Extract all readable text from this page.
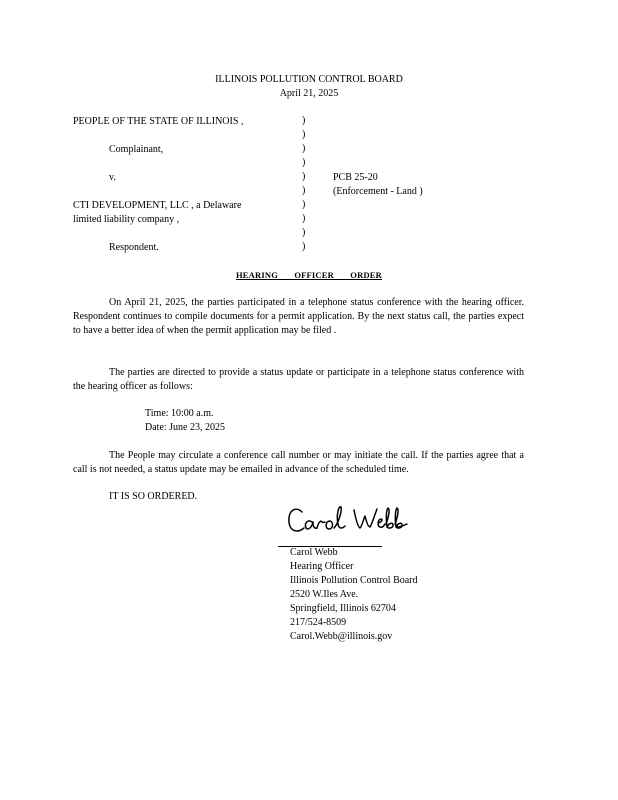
ILLINOIS POLLUTION CONTROL BOARD
April 21, 2025
PEOPLE OF THE STATE OF ILLINOIS ,
Complainant,
v.
CTI DEVELOPMENT, LLC , a Delaware
limited liability company ,
Respondent.
)
)
)
)
)
)
)
)
)
)
PCB 25-20
(Enforcement - Land )
HEARING OFFICER ORDER
On April 21, 2025, the parties participated in a telephone status conference with the hearing officer. Respondent continues to compile documents for a permit application. By the next status call, the parties expect to have a better idea of when the permit application may be filed .
The parties are directed to provide a status update or participate in a telephone status conference with the hearing officer as follows:
Time: 10:00 a.m.
Date: June 23, 2025
The People may circulate a conference call number or may initiate the call. If the parties agree that a call is not needed, a status update may be emailed in advance of the scheduled time.
IT IS SO ORDERED.
Carol Webb
Hearing Officer
Illinois Pollution Control Board
2520 W.Iles Ave.
Springfield, Illinois 62704
217/524-8509
Carol.Webb@illinois.gov
